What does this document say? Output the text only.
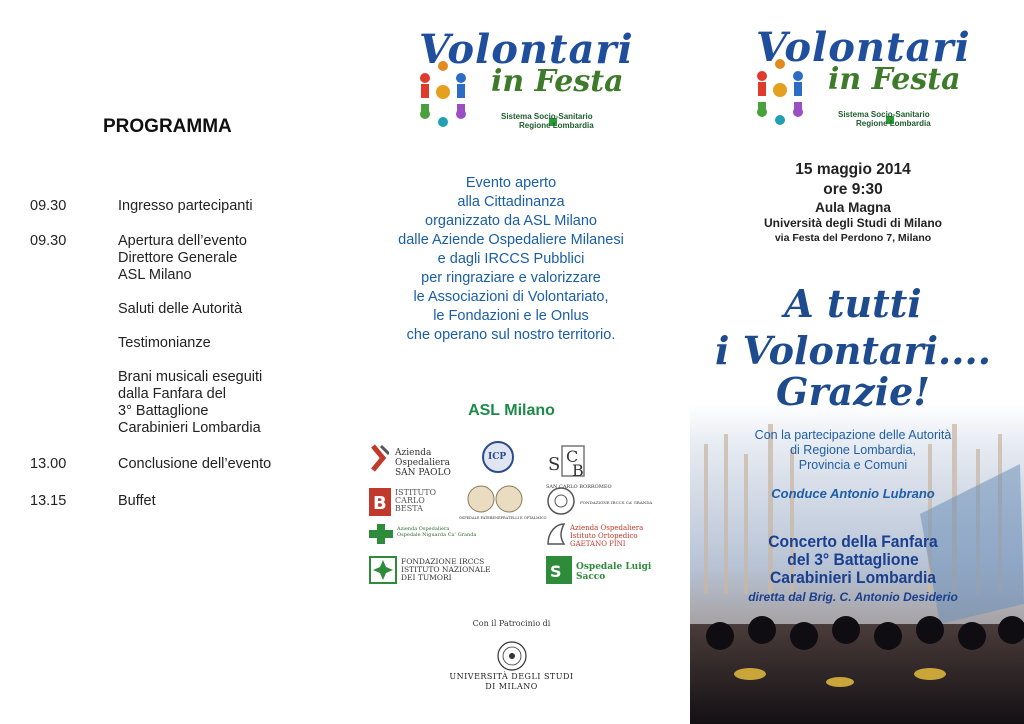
PROGRAMMA
09.30	Ingresso partecipanti
09.30	Apertura dell’evento
Direttore Generale
ASL Milano
Saluti delle Autorità
Testimonianze
Brani musicali eseguiti
dalla Fanfara del
3° Battaglione
Carabinieri Lombardia
13.00	Conclusione dell’evento
13.15	Buffet
Volontari
in Festa
Sistema Socio-Sanitario Regione Lombardia
Evento aperto
alla Cittadinanza
organizzato da ASL Milano
dalle Aziende Ospedaliere Milanesi
e dagli IRCCS Pubblici
per ringraziare e valorizzare
le Associazioni di Volontariato,
le Fondazioni e le Onlus
che operano sul nostro territorio.
ASL Milano
Azienda Ospedaliera
SAN PAOLO
ICP S C
B
SAN CARLO BORROMEO
B
ISTITUTO
CARLO
BESTA
OSPEDALE FATEBENEFRATELLI E OFTALMICO
FONDAZIONE IRCCS CA’ GRANDA
Azienda Ospedaliera
Ospedale Niguarda Ca’ Granda
Azienda Ospedaliera
Istituto Ortopedico
GAETANO PINI
FONDAZIONE IRCCS
ISTITUTO NAZIONALE
DEI TUMORI	S Ospedale Luigi Sacco
Con il Patrocinio di
UNIVERSITÀ DEGLI STUDI
DI MILANO
Volontari
in Festa
Sistema Socio-Sanitario Regione Lombardia
15 maggio 2014
ore 9:30
Aula Magna
Università degli Studi di Milano
via Festa del Perdono 7, Milano
A tutti
i Volontari....
Grazie!
Con la partecipazione delle Autorità
di Regione Lombardia,
Provincia e Comuni
Conduce Antonio Lubrano
Concerto della Fanfara
del 3° Battaglione
Carabinieri Lombardia
diretta dal Brig. C. Antonio Desiderio
